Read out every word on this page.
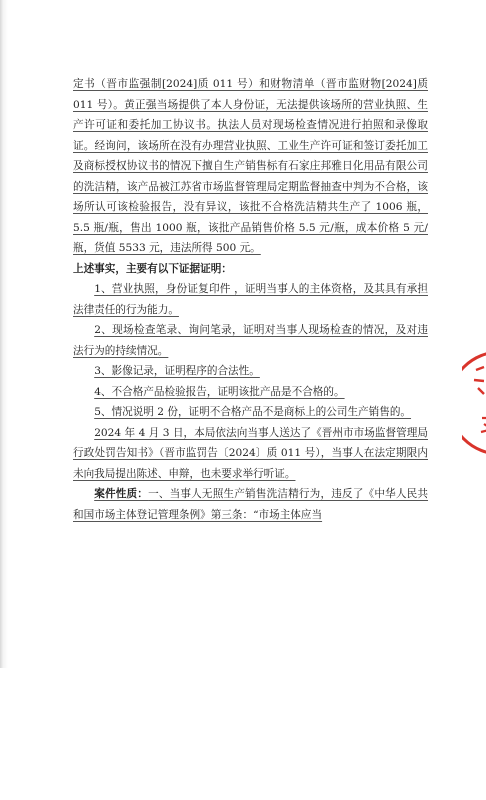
定书（晋市监强制[2024]质 011 号）和财物清单（晋市监财物[2024]质 011 号）。黄正强当场提供了本人身份证，无法提供该场所的营业执照、生产许可证和委托加工协议书。执法人员对现场检查情况进行拍照和录像取证。经询问，该场所在没有办理营业执照、工业生产许可证和签订委托加工及商标授权协议书的情况下擅自生产销售标有石家庄邦雅日化用品有限公司的洗洁精，该产品被江苏省市场监督管理局定期监督抽查中判为不合格，该场所认可该检验报告，没有异议，该批不合格洗洁精共生产了 1006 瓶，5.5 瓶/瓶，售出 1000 瓶，该批产品销售价格 5.5 元/瓶，成本价格 5 元/瓶，货值 5533 元，违法所得 500 元。

上述事实，主要有以下证据证明：

1、营业执照，身份证复印件 ，证明当事人的主体资格，及其具有承担法律责任的行为能力。

2、现场检查笔录、询问笔录，证明对当事人现场检查的情况，及对违法行为的持续情况。

3、影像记录，证明程序的合法性。

4、不合格产品检验报告，证明该批产品是不合格的。

5、情况说明 2 份，证明不合格产品不是商标上的公司生产销售的。

2024 年 4 月 3 日，本局依法向当事人送达了《晋州市市场监督管理局行政处罚告知书》（晋市监罚告〔2024〕质 011 号），当事人在法定期限内未向我局提出陈述、申辩，也未要求举行听证。

案件性质：一、当事人无照生产销售洗洁精行为，违反了《中华人民共和国市场主体登记管理条例》第三条：“市场主体应当
